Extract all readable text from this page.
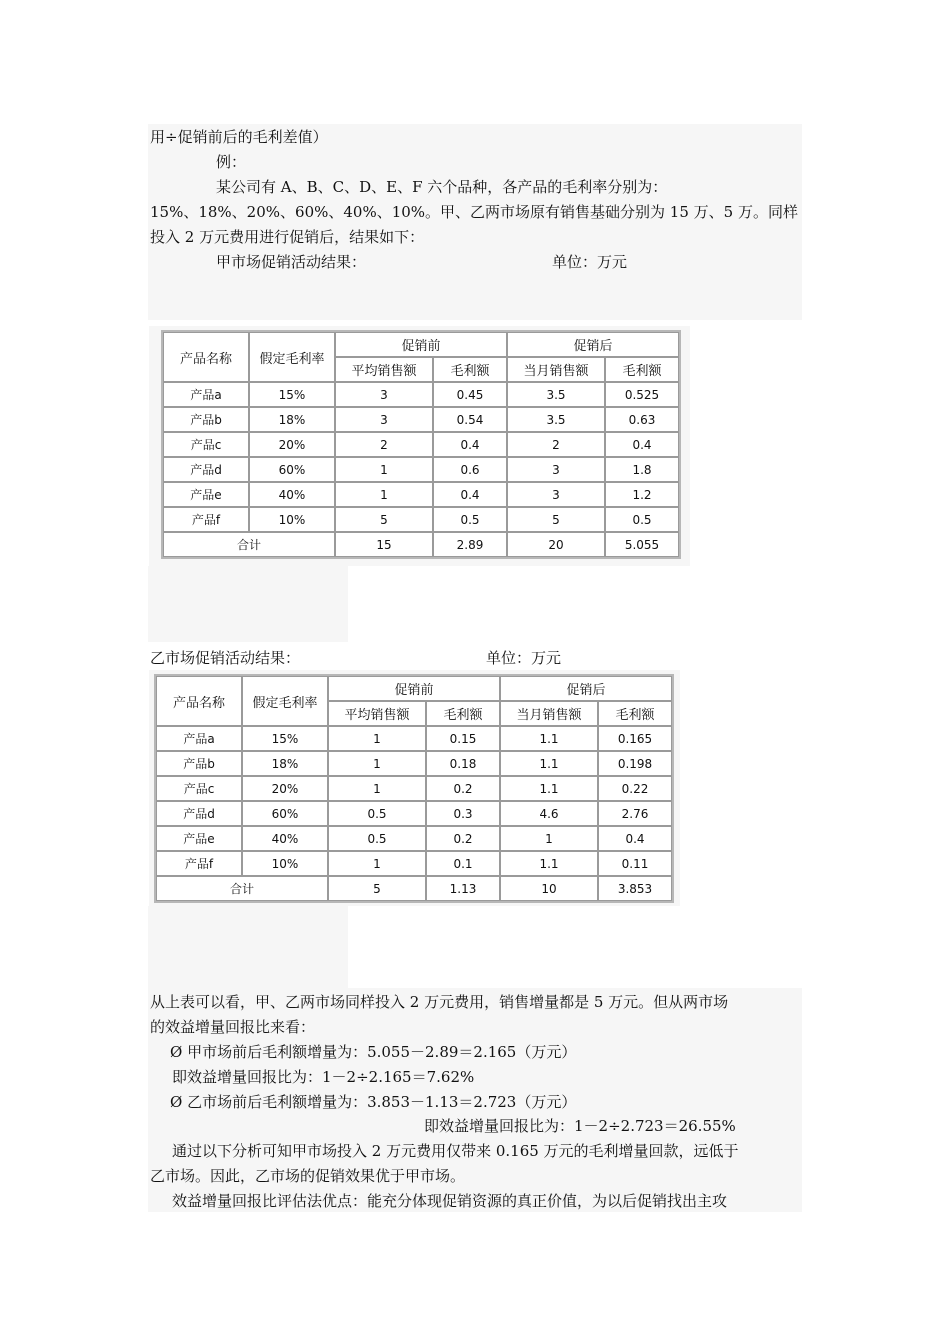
用÷促销前后的毛利差值）
例：
某公司有 A、B、C、D、E、F 六个品种，各产品的毛利率分别为：
15%、18%、20%、60%、40%、10%。甲、乙两市场原有销售基础分别为 15 万、5 万。同样
投入 2 万元费用进行促销后，结果如下：
甲市场促销活动结果：	单位：万元
产品名称	假定毛利率	促销前		促销后	
		平均销售额	毛利额	当月销售额	毛利额
产品a	15%	3	0.45	3.5	0.525
产品b	18%	3	0.54	3.5	0.63
产品c	20%	2	0.4	2	0.4
产品d	60%	1	0.6	3	1.8
产品e	40%	1	0.4	3	1.2
产品f	10%	5	0.5	5	0.5
合计		15	2.89	20	5.055
乙市场促销活动结果：	单位：万元
产品名称	假定毛利率	促销前		促销后	
		平均销售额	毛利额	当月销售额	毛利额
产品a	15%	1	0.15	1.1	0.165
产品b	18%	1	0.18	1.1	0.198
产品c	20%	1	0.2	1.1	0.22
产品d	60%	0.5	0.3	4.6	2.76
产品e	40%	0.5	0.2	1	0.4
产品f	10%	1	0.1	1.1	0.11
合计		5	1.13	10	3.853
从上表可以看，甲、乙两市场同样投入 2 万元费用，销售增量都是 5 万元。但从两市场
的效益增量回报比来看：
Ø 甲市场前后毛利额增量为：5.055－2.89＝2.165（万元）
即效益增量回报比为：1－2÷2.165＝7.62%
Ø 乙市场前后毛利额增量为：3.853－1.13＝2.723（万元）
即效益增量回报比为：1－2÷2.723＝26.55%
通过以下分析可知甲市场投入 2 万元费用仅带来 0.165 万元的毛利增量回款，远低于
乙市场。因此，乙市场的促销效果优于甲市场。
效益增量回报比评估法优点：能充分体现促销资源的真正价值，为以后促销找出主攻
